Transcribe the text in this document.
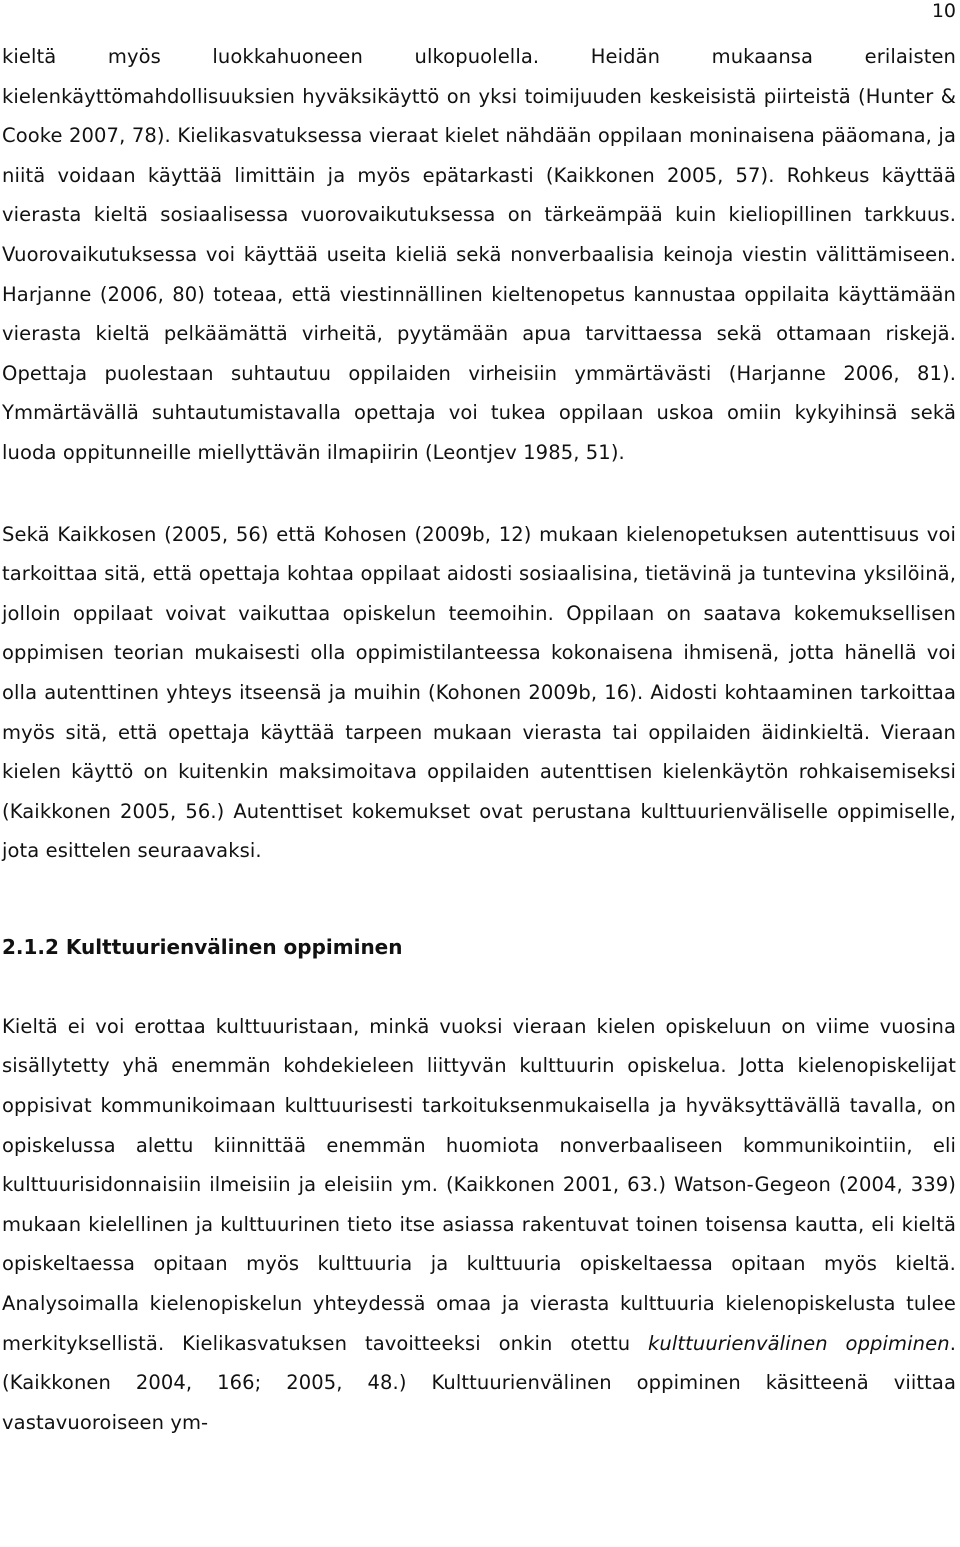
10

kieltä myös luokkahuoneen ulkopuolella. Heidän mukaansa erilaisten kielenkäyttömahdollisuuksien hyväksikäyttö on yksi toimijuuden keskeisistä piirteistä (Hunter & Cooke 2007, 78). Kielikasvatuksessa vieraat kielet nähdään oppilaan moninaisena pääomana, ja niitä voidaan käyttää limittäin ja myös epätarkasti (Kaikkonen 2005, 57). Rohkeus käyttää vierasta kieltä sosiaalisessa vuorovaikutuksessa on tärkeämpää kuin kieliopillinen tarkkuus. Vuorovaikutuksessa voi käyttää useita kieliä sekä nonverbaalisia keinoja viestin välittämiseen. Harjanne (2006, 80) toteaa, että viestinnällinen kieltenopetus kannustaa oppilaita käyttämään vierasta kieltä pelkäämättä virheitä, pyytämään apua tarvittaessa sekä ottamaan riskejä. Opettaja puolestaan suhtautuu oppilaiden virheisiin ymmärtävästi (Harjanne 2006, 81). Ymmärtävällä suhtautumistavalla opettaja voi tukea oppilaan uskoa omiin kykyihinsä sekä luoda oppitunneille miellyttävän ilmapiirin (Leontjev 1985, 51).

Sekä Kaikkosen (2005, 56) että Kohosen (2009b, 12) mukaan kielenopetuksen autenttisuus voi tarkoittaa sitä, että opettaja kohtaa oppilaat aidosti sosiaalisina, tietävinä ja tuntevina yksilöinä, jolloin oppilaat voivat vaikuttaa opiskelun teemoihin. Oppilaan on saatava kokemuksellisen oppimisen teorian mukaisesti olla oppimistilanteessa kokonaisena ihmisenä, jotta hänellä voi olla autenttinen yhteys itseensä ja muihin (Kohonen 2009b, 16). Aidosti kohtaaminen tarkoittaa myös sitä, että opettaja käyttää tarpeen mukaan vierasta tai oppilaiden äidinkieltä. Vieraan kielen käyttö on kuitenkin maksimoitava oppilaiden autenttisen kielenkäytön rohkaisemiseksi (Kaikkonen 2005, 56.) Autenttiset kokemukset ovat perustana kulttuurienväliselle oppimiselle, jota esittelen seuraavaksi.

2.1.2 Kulttuurienvälinen oppiminen

Kieltä ei voi erottaa kulttuuristaan, minkä vuoksi vieraan kielen opiskeluun on viime vuosina sisällytetty yhä enemmän kohdekieleen liittyvän kulttuurin opiskelua. Jotta kielenopiskelijat oppisivat kommunikoimaan kulttuurisesti tarkoituksenmukaisella ja hyväksyttävällä tavalla, on opiskelussa alettu kiinnittää enemmän huomiota nonverbaaliseen kommunikointiin, eli kulttuurisidonnaisiin ilmeisiin ja eleisiin ym. (Kaikkonen 2001, 63.) Watson-Gegeon (2004, 339) mukaan kielellinen ja kulttuurinen tieto itse asiassa rakentuvat toinen toisensa kautta, eli kieltä opiskeltaessa opitaan myös kulttuuria ja kulttuuria opiskeltaessa opitaan myös kieltä. Analysoimalla kielenopiskelun yhteydessä omaa ja vierasta kulttuuria kielenopiskelusta tulee merkityksellistä. Kielikasvatuksen tavoitteeksi onkin otettu kulttuurienvälinen oppiminen. (Kaikkonen 2004, 166; 2005, 48.) Kulttuurienvälinen oppiminen käsitteenä viittaa vastavuoroiseen ym-
